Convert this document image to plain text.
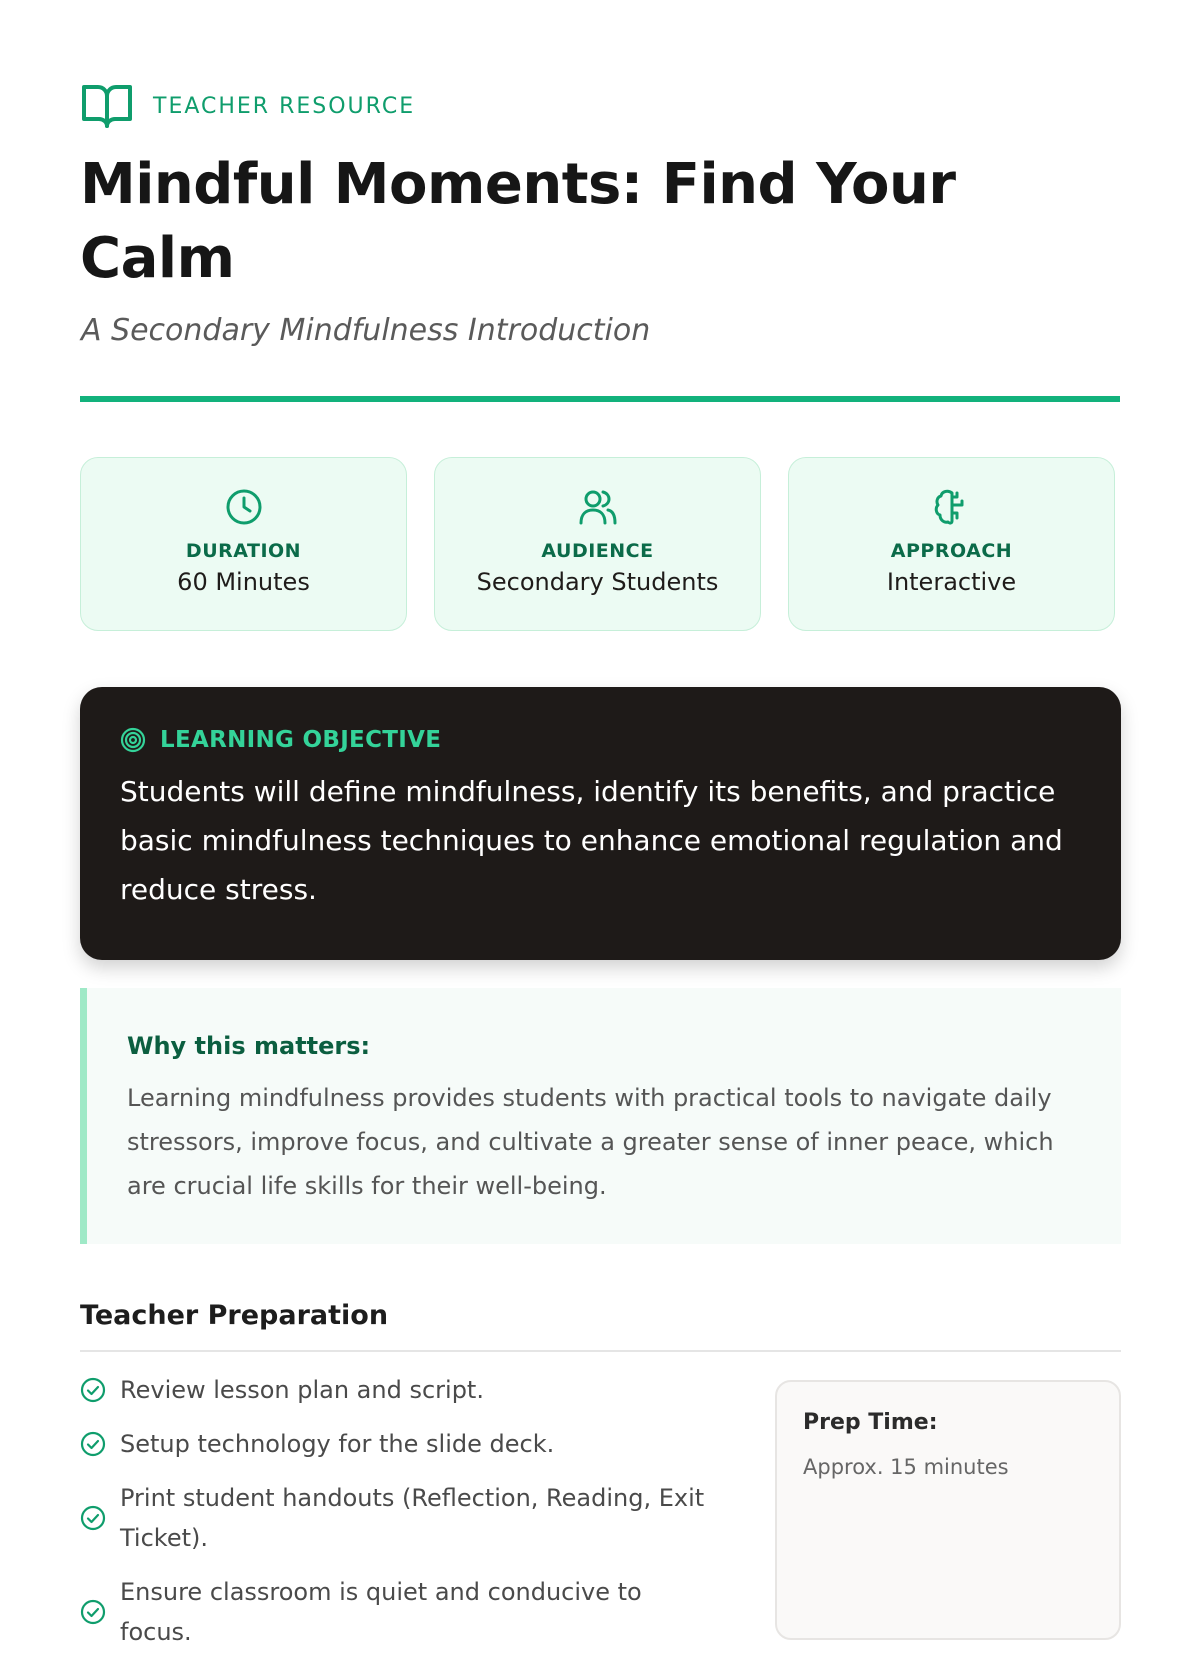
TEACHER RESOURCE
Mindful Moments: Find Your Calm

A Secondary Mindfulness Introduction

DURATION
60 Minutes
AUDIENCE
Secondary Students
APPROACH
Interactive
LEARNING OBJECTIVE

Students will define mindfulness, identify its benefits, and practice basic mindfulness techniques to enhance emotional regulation and reduce stress.

Why this matters:

Learning mindfulness provides students with practical tools to navigate daily stressors, improve focus, and cultivate a greater sense of inner peace, which are crucial life skills for their well-being.

Teacher Preparation
Review lesson plan and script.
Setup technology for the slide deck.
Print student handouts (Reflection, Reading, Exit Ticket).
Ensure classroom is quiet and conducive to focus.

Prep Time:

Approx. 15 minutes
